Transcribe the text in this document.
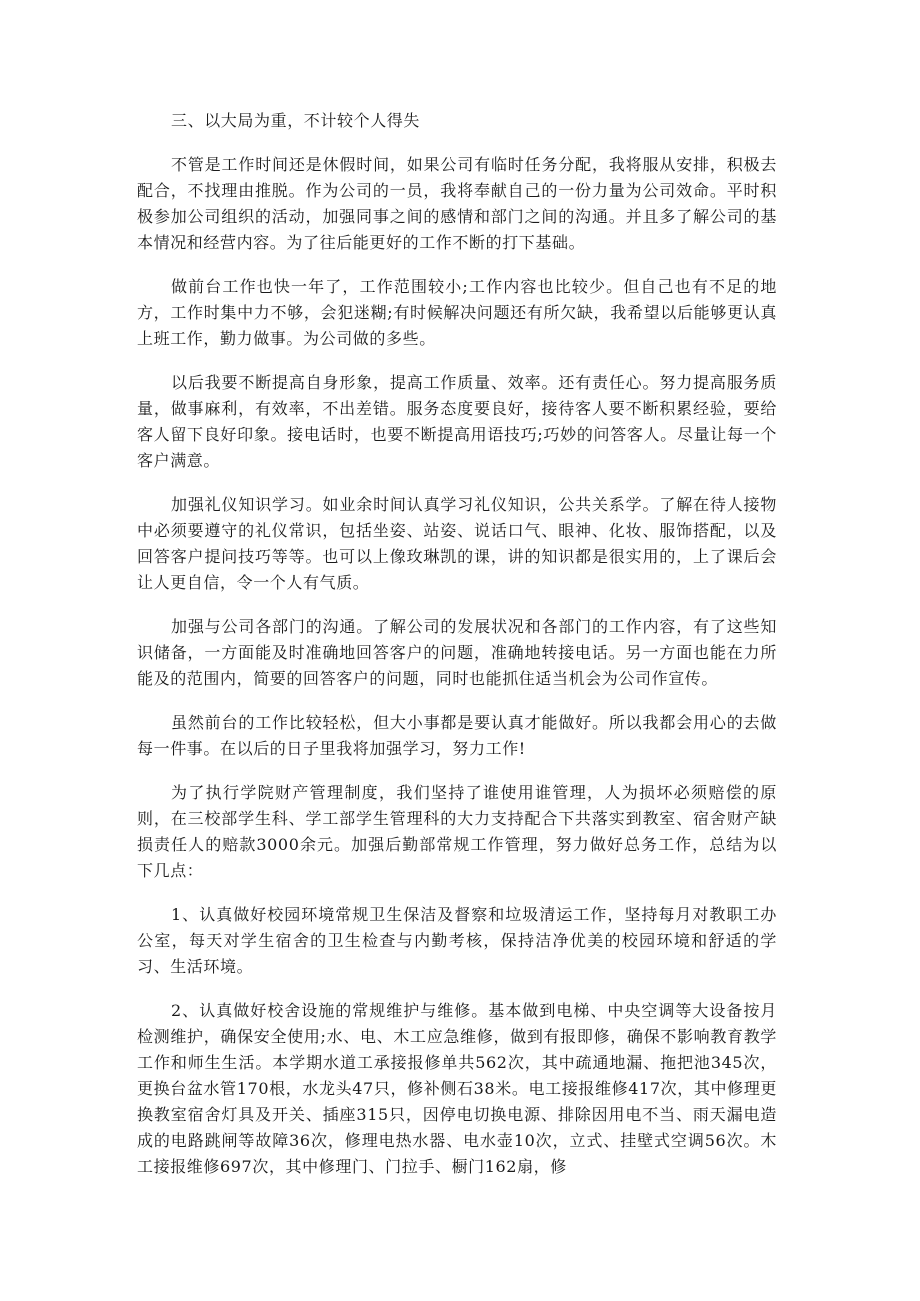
三、以大局为重，不计较个人得失

不管是工作时间还是休假时间，如果公司有临时任务分配，我将服从安排，积极去配合，不找理由推脱。作为公司的一员，我将奉献自己的一份力量为公司效命。平时积极参加公司组织的活动，加强同事之间的感情和部门之间的沟通。并且多了解公司的基本情况和经营内容。为了往后能更好的工作不断的打下基础。

做前台工作也快一年了，工作范围较小;工作内容也比较少。但自己也有不足的地方，工作时集中力不够，会犯迷糊;有时候解决问题还有所欠缺，我希望以后能够更认真上班工作，勤力做事。为公司做的多些。

以后我要不断提高自身形象，提高工作质量、效率。还有责任心。努力提高服务质量，做事麻利，有效率，不出差错。服务态度要良好，接待客人要不断积累经验，要给客人留下良好印象。接电话时，也要不断提高用语技巧;巧妙的问答客人。尽量让每一个客户满意。

加强礼仪知识学习。如业余时间认真学习礼仪知识，公共关系学。了解在待人接物中必须要遵守的礼仪常识，包括坐姿、站姿、说话口气、眼神、化妆、服饰搭配，以及回答客户提问技巧等等。也可以上像玫琳凯的课，讲的知识都是很实用的，上了课后会让人更自信，令一个人有气质。

加强与公司各部门的沟通。了解公司的发展状况和各部门的工作内容，有了这些知识储备，一方面能及时准确地回答客户的问题，准确地转接电话。另一方面也能在力所能及的范围内，简要的回答客户的问题，同时也能抓住适当机会为公司作宣传。

虽然前台的工作比较轻松，但大小事都是要认真才能做好。所以我都会用心的去做每一件事。在以后的日子里我将加强学习，努力工作!

为了执行学院财产管理制度，我们坚持了谁使用谁管理，人为损坏必须赔偿的原则，在三校部学生科、学工部学生管理科的大力支持配合下共落实到教室、宿舍财产缺损责任人的赔款3000余元。加强后勤部常规工作管理，努力做好总务工作，总结为以下几点：

1、认真做好校园环境常规卫生保洁及督察和垃圾清运工作，坚持每月对教职工办公室，每天对学生宿舍的卫生检查与内勤考核，保持洁净优美的校园环境和舒适的学习、生活环境。

2、认真做好校舍设施的常规维护与维修。基本做到电梯、中央空调等大设备按月检测维护，确保安全使用;水、电、木工应急维修，做到有报即修，确保不影响教育教学工作和师生生活。本学期水道工承接报修单共562次，其中疏通地漏、拖把池345次，更换台盆水管170根，水龙头47只，修补侧石38米。电工接报维修417次，其中修理更换教室宿舍灯具及开关、插座315只，因停电切换电源、排除因用电不当、雨天漏电造成的电路跳闸等故障36次，修理电热水器、电水壶10次，立式、挂壁式空调56次。木工接报维修697次，其中修理门、门拉手、橱门162扇，修
